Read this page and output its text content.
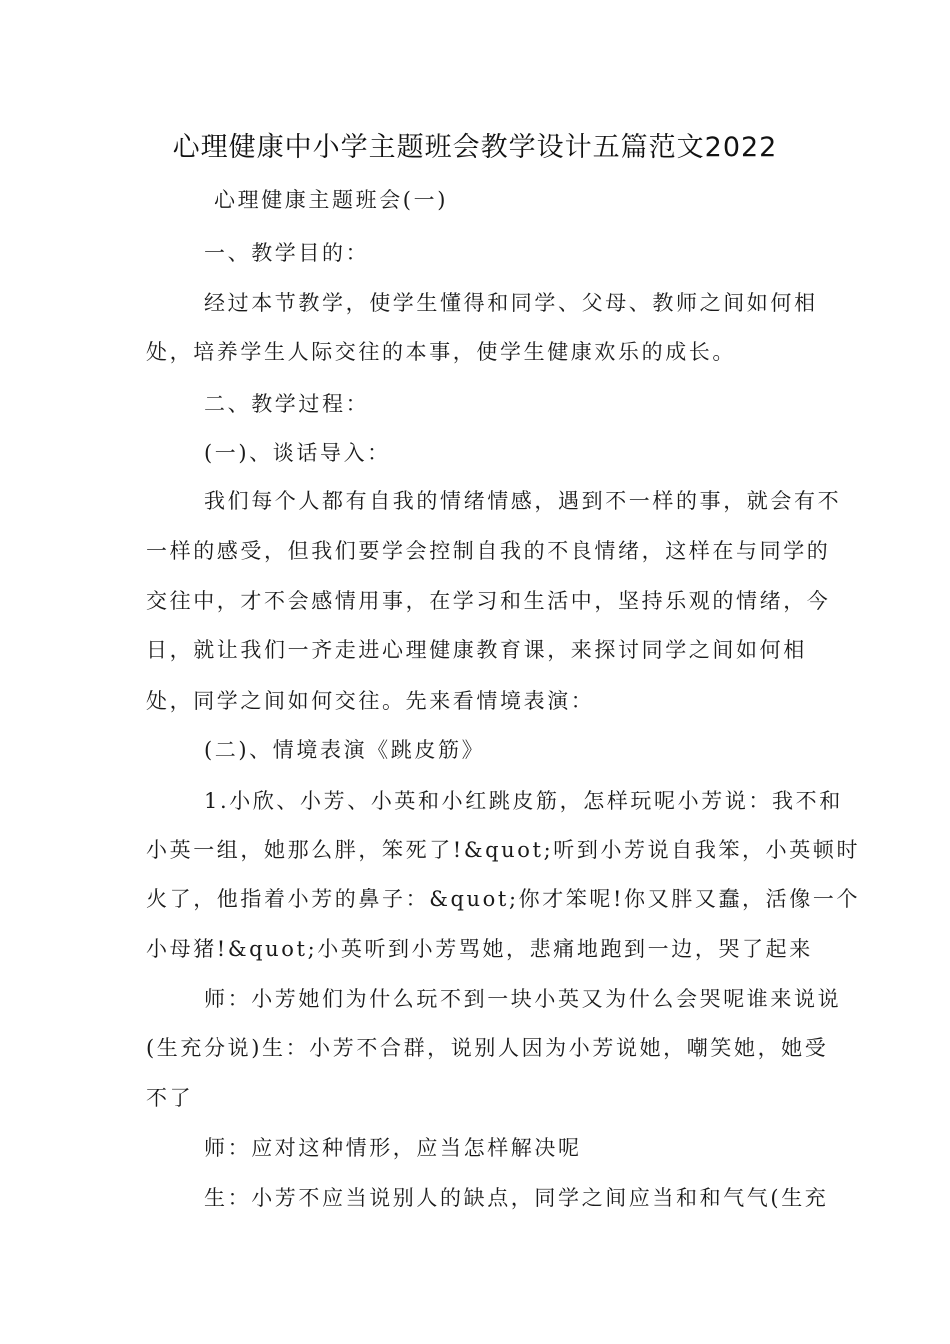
心理健康中小学主题班会教学设计五篇范文2022
心理健康主题班会(一)
一、教学目的：
经过本节教学，使学生懂得和同学、父母、教师之间如何相
处，培养学生人际交往的本事，使学生健康欢乐的成长。
二、教学过程：
(一)、谈话导入：
我们每个人都有自我的情绪情感，遇到不一样的事，就会有不
一样的感受，但我们要学会控制自我的不良情绪，这样在与同学的
交往中，才不会感情用事，在学习和生活中，坚持乐观的情绪，今
日，就让我们一齐走进心理健康教育课，来探讨同学之间如何相
处，同学之间如何交往。先来看情境表演：
(二)、情境表演《跳皮筋》
1.小欣、小芳、小英和小红跳皮筋，怎样玩呢小芳说：我不和
小英一组，她那么胖，笨死了!&quot;听到小芳说自我笨，小英顿时
火了，他指着小芳的鼻子：&quot;你才笨呢!你又胖又蠢，活像一个
小母猪!&quot;小英听到小芳骂她，悲痛地跑到一边，哭了起来
师：小芳她们为什么玩不到一块小英又为什么会哭呢谁来说说
(生充分说)生：小芳不合群，说别人因为小芳说她，嘲笑她，她受
不了
师：应对这种情形，应当怎样解决呢
生：小芳不应当说别人的缺点，同学之间应当和和气气(生充
